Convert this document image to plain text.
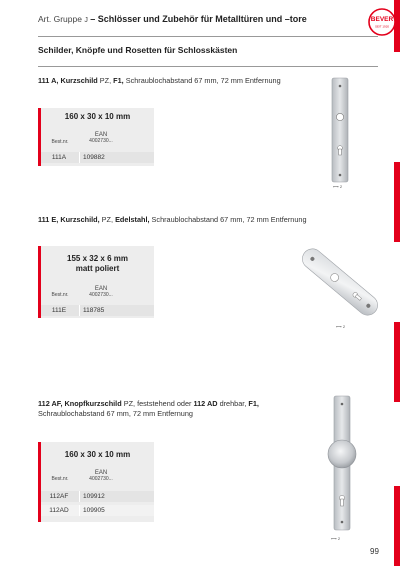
Art. Gruppe J – Schlösser und Zubehör für Metalltüren und –tore	BEVER
SEIT 1920
Schilder, Knöpfe und Rosetten für Schlosskästen
111 A, Kurzschild PZ, F1, Schraublochabstand 67 mm, 72 mm Entfernung
160 x 30 x 10 mm
Best.nr.
EAN
4002730...
111A	109882
111 E, Kurzschild, PZ, Edelstahl, Schraublochabstand 67 mm, 72 mm Entfernung
155 x 32 x 6 mm
matt poliert
Best.nr.
EAN
4002730...
111E	118785
112 AF, Knopfkurzschild PZ, feststehend oder 112 AD drehbar, F1,
Schraublochabstand 67 mm, 72 mm Entfernung
160 x 30 x 10 mm
Best.nr.
EAN
4002730...
112AF	109912
112AD	109905
⟷ 2
⟷ 2
⟷ 2
99
